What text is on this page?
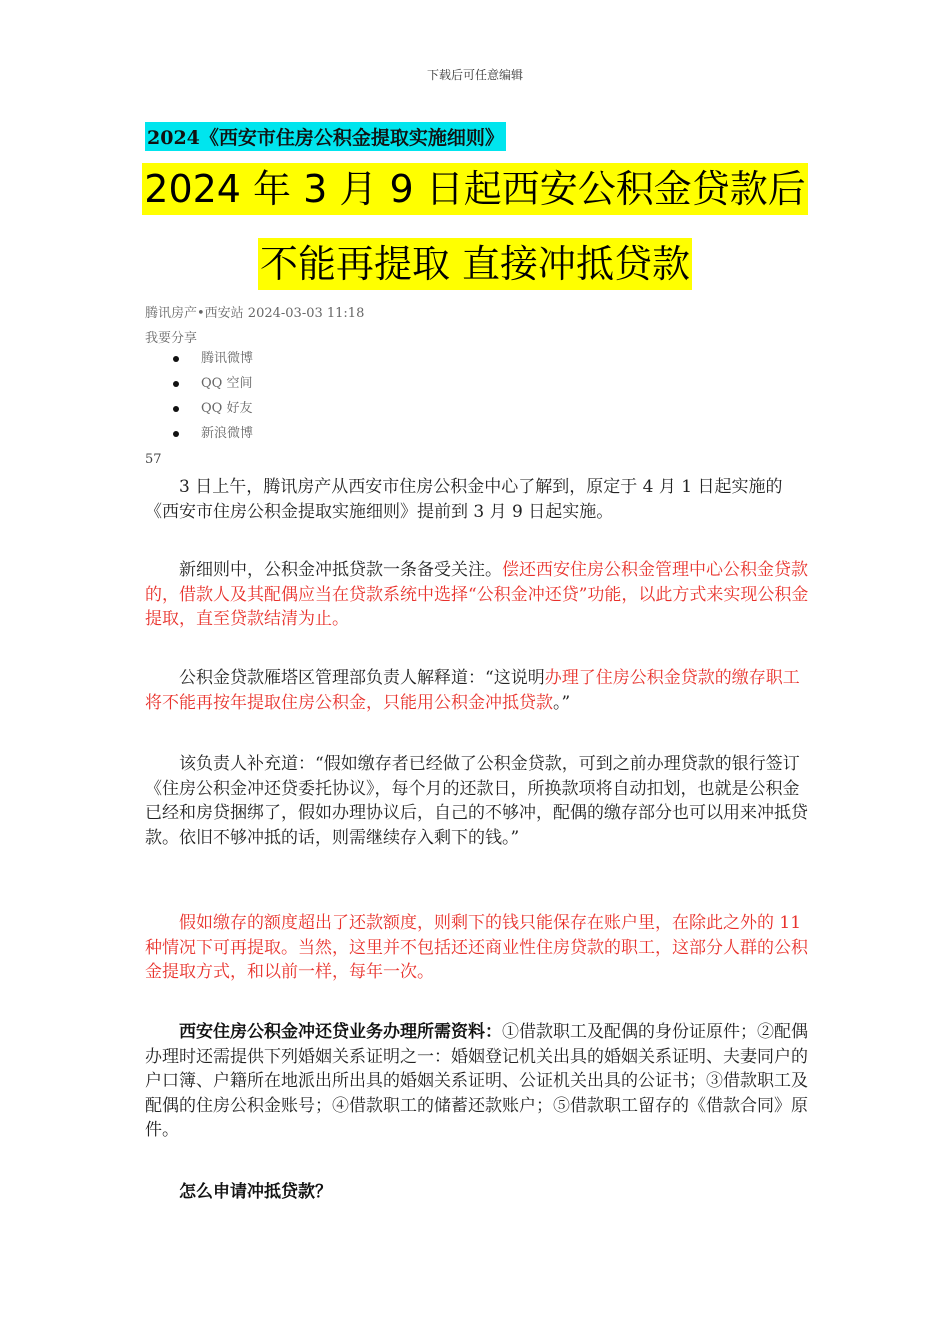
下载后可任意编辑
2024《西安市住房公积金提取实施细则》
2024 年 3 月 9 日起西安公积金贷款后
不能再提取 直接冲抵贷款
腾讯房产•西安站 2024-03-03 11:18
我要分享
腾讯微博
QQ 空间
QQ 好友
新浪微博
57

3 日上午，腾讯房产从西安市住房公积金中心了解到，原定于 4 月 1 日起实施的《西安市住房公积金提取实施细则》提前到 3 月 9 日起实施。

新细则中，公积金冲抵贷款一条备受关注。偿还西安住房公积金管理中心公积金贷款的，借款人及其配偶应当在贷款系统中选择“公积金冲还贷”功能，以此方式来实现公积金提取，直至贷款结清为止。

公积金贷款雁塔区管理部负责人解释道：“这说明办理了住房公积金贷款的缴存职工将不能再按年提取住房公积金，只能用公积金冲抵贷款。”

该负责人补充道：“假如缴存者已经做了公积金贷款，可到之前办理贷款的银行签订《住房公积金冲还贷委托协议》，每个月的还款日，所换款项将自动扣划，也就是公积金已经和房贷捆绑了，假如办理协议后，自己的不够冲，配偶的缴存部分也可以用来冲抵贷款。依旧不够冲抵的话，则需继续存入剩下的钱。”

假如缴存的额度超出了还款额度，则剩下的钱只能保存在账户里，在除此之外的 11 种情况下可再提取。当然，这里并不包括还还商业性住房贷款的职工，这部分人群的公积金提取方式，和以前一样，每年一次。

西安住房公积金冲还贷业务办理所需资料：①借款职工及配偶的身份证原件；②配偶办理时还需提供下列婚姻关系证明之一：婚姻登记机关出具的婚姻关系证明、夫妻同户的户口簿、户籍所在地派出所出具的婚姻关系证明、公证机关出具的公证书；③借款职工及配偶的住房公积金账号；④借款职工的储蓄还款账户；⑤借款职工留存的《借款合同》原件。

怎么申请冲抵贷款？
